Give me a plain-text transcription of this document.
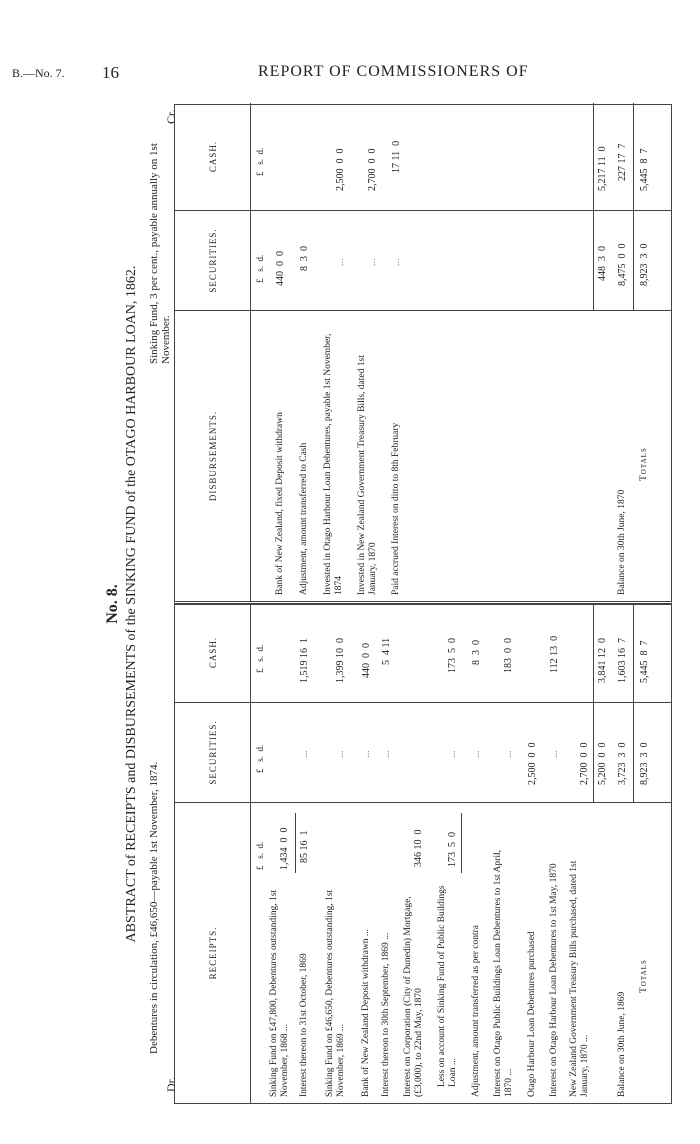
B.—No. 7. 16	REPORT OF COMMISSIONERS OF
No. 8. ABSTRACT of RECEIPTS and DISBURSEMENTS of the SINKING FUND of the OTAGO HARBOUR LOAN, 1862. Debentures in circulation, £46,650—payable 1st November, 1874.
Sinking Fund, 3 per cent., payable annually on 1st November.
Dr.
Cr.
RECEIPTS.
SECURITIES.
CASH.
£   s.  d.
£   s.  d.
£   s.  d.
Sinking Fund on £47,800, Debentures outstanding, 1st November, 1868 ...
1,434  0  0
Interest thereon to 31st October, 1869
85 16  1
...
1,519 16  1
Sinking Fund on £46,650, Debentures outstanding, 1st November, 1869 ...
...
1,399 10  0
Bank of New Zealand Deposit withdrawn ...
...
440  0  0
Interest thereon to 30th September, 1869 ...
...
5  4 11
Interest on Corporation (City of Dunedin) Mortgage, (£3,000), to 22nd May, 1870
346 10  0
Less on account of Sinking Fund of Public Buildings Loan ...
173  5  0
...
173  5  0
Adjustment, amount transferred as per contra
...
8  3  0
Interest on Otago Public Buildings Loan Debentures to 1st April, 1870 ...
...
183  0  0
Otago Harbour Loan Debentures purchased
2,500  0  0
Interest on Otago Harbour Loan Debentures to 1st May, 1870
...
112 13  0
New Zealand Government Treasury Bills purchased, dated 1st January, 1870 ...
2,700  0  0 5,200  0  0
3,841 12  0
Balance on 30th June, 1869
3,723  3  0
1,603 16  7
Totals
8,923  3  0
5,445  8  7
DISBURSEMENTS.
SECURITIES.
CASH.
£   s.  d.
£   s.  d.
Bank of New Zealand, fixed Deposit withdrawn
440  0  0
Adjustment, amount transferred to Cash
8  3  0
Invested in Otago Harbour Loan Debentures, payable 1st November, 1874
...
2,500  0  0
Invested in New Zealand Government Treasury Bills, dated 1st January, 1870
...
2,700  0  0
Paid accrued Interest on ditto to 8th February
...
17 11  0
448  3  0
5,217 11  0
Balance on 30th June, 1870
8,475  0  0
227 17  7
Totals
8,923  3  0
5,445  8  7
